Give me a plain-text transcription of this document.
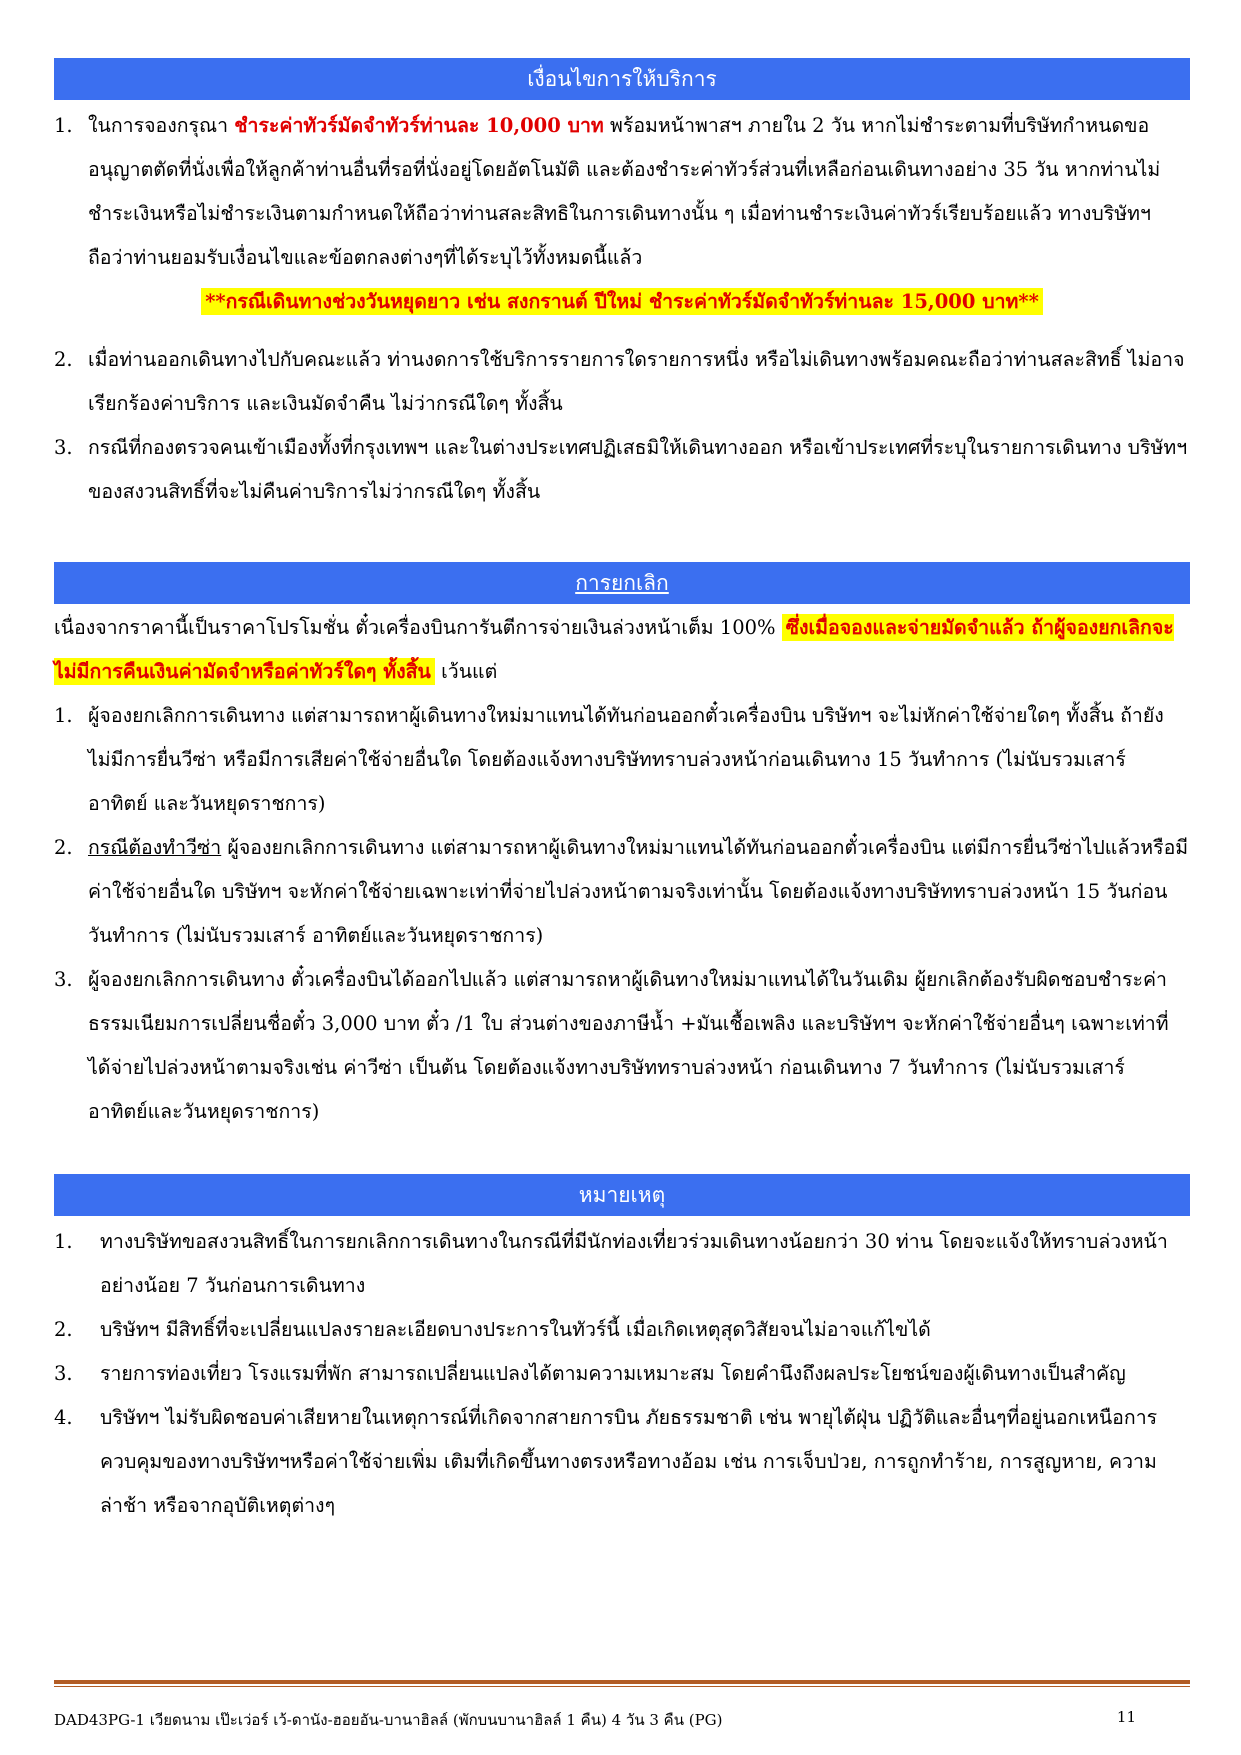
เงื่อนไขการให้บริการ

1. ในการจองกรุณา ชำระค่าทัวร์มัดจำทัวร์ท่านละ 10,000 บาท พร้อมหน้าพาสฯ ภายใน 2 วัน หากไม่ชำระตามที่บริษัทกำหนดขออนุญาตตัดที่นั่งเพื่อให้ลูกค้าท่านอื่นที่รอที่นั่งอยู่โดยอัตโนมัติ และต้องชำระค่าทัวร์ส่วนที่เหลือก่อนเดินทางอย่าง 35 วัน หากท่านไม่ชำระเงินหรือไม่ชำระเงินตามกำหนดให้ถือว่าท่านสละสิทธิในการเดินทางนั้น ๆ เมื่อท่านชำระเงินค่าทัวร์เรียบร้อยแล้ว ทางบริษัทฯถือว่าท่านยอมรับเงื่อนไขและข้อตกลงต่างๆที่ได้ระบุไว้ทั้งหมดนี้แล้ว

**กรณีเดินทางช่วงวันหยุดยาว เช่น สงกรานต์ ปีใหม่ ชำระค่าทัวร์มัดจำทัวร์ท่านละ 15,000 บาท**

2. เมื่อท่านออกเดินทางไปกับคณะแล้ว ท่านงดการใช้บริการรายการใดรายการหนึ่ง หรือไม่เดินทางพร้อมคณะถือว่าท่านสละสิทธิ์ ไม่อาจเรียกร้องค่าบริการ และเงินมัดจำคืน ไม่ว่ากรณีใดๆ ทั้งสิ้น

3. กรณีที่กองตรวจคนเข้าเมืองทั้งที่กรุงเทพฯ และในต่างประเทศปฏิเสธมิให้เดินทางออก หรือเข้าประเทศที่ระบุในรายการเดินทาง บริษัทฯ ของสงวนสิทธิ์ที่จะไม่คืนค่าบริการไม่ว่ากรณีใดๆ ทั้งสิ้น

การยกเลิก

เนื่องจากราคานี้เป็นราคาโปรโมชั่น ตั๋วเครื่องบินการันตีการจ่ายเงินล่วงหน้าเต็ม 100% ซึ่งเมื่อจองและจ่ายมัดจำแล้ว ถ้าผู้จองยกเลิกจะไม่มีการคืนเงินค่ามัดจำหรือค่าทัวร์ใดๆ ทั้งสิ้น เว้นแต่

1. ผู้จองยกเลิกการเดินทาง แต่สามารถหาผู้เดินทางใหม่มาแทนได้ทันก่อนออกตั๋วเครื่องบิน บริษัทฯ จะไม่หักค่าใช้จ่ายใดๆ ทั้งสิ้น ถ้ายังไม่มีการยื่นวีซ่า หรือมีการเสียค่าใช้จ่ายอื่นใด โดยต้องแจ้งทางบริษัททราบล่วงหน้าก่อนเดินทาง 15 วันทำการ (ไม่นับรวมเสาร์ อาทิตย์ และวันหยุดราชการ)

2. กรณีต้องทำวีซ่า ผู้จองยกเลิกการเดินทาง แต่สามารถหาผู้เดินทางใหม่มาแทนได้ทันก่อนออกตั๋วเครื่องบิน แต่มีการยื่นวีซ่าไปแล้วหรือมีค่าใช้จ่ายอื่นใด บริษัทฯ จะหักค่าใช้จ่ายเฉพาะเท่าที่จ่ายไปล่วงหน้าตามจริงเท่านั้น โดยต้องแจ้งทางบริษัททราบล่วงหน้า 15 วันก่อนวันทำการ (ไม่นับรวมเสาร์ อาทิตย์และวันหยุดราชการ)

3. ผู้จองยกเลิกการเดินทาง ตั๋วเครื่องบินได้ออกไปแล้ว แต่สามารถหาผู้เดินทางใหม่มาแทนได้ในวันเดิม ผู้ยกเลิกต้องรับผิดชอบชำระค่าธรรมเนียมการเปลี่ยนชื่อตั๋ว 3,000 บาท ตั๋ว /1 ใบ ส่วนต่างของภาษีน้ำ +มันเชื้อเพลิง และบริษัทฯ จะหักค่าใช้จ่ายอื่นๆ เฉพาะเท่าที่ได้จ่ายไปล่วงหน้าตามจริงเช่น ค่าวีซ่า เป็นต้น โดยต้องแจ้งทางบริษัททราบล่วงหน้า ก่อนเดินทาง 7 วันทำการ (ไม่นับรวมเสาร์ อาทิตย์และวันหยุดราชการ)

หมายเหตุ

1. ทางบริษัทขอสงวนสิทธิ์ในการยกเลิกการเดินทางในกรณีที่มีนักท่องเที่ยวร่วมเดินทางน้อยกว่า 30 ท่าน โดยจะแจ้งให้ทราบล่วงหน้าอย่างน้อย 7 วันก่อนการเดินทาง

2. บริษัทฯ มีสิทธิ์ที่จะเปลี่ยนแปลงรายละเอียดบางประการในทัวร์นี้ เมื่อเกิดเหตุสุดวิสัยจนไม่อาจแก้ไขได้

3. รายการท่องเที่ยว โรงแรมที่พัก สามารถเปลี่ยนแปลงได้ตามความเหมาะสม โดยคำนึงถึงผลประโยชน์ของผู้เดินทางเป็นสำคัญ

4. บริษัทฯ ไม่รับผิดชอบค่าเสียหายในเหตุการณ์ที่เกิดจากสายการบิน ภัยธรรมชาติ เช่น พายุไต้ฝุ่น ปฏิวัติและอื่นๆที่อยู่นอกเหนือการควบคุมของทางบริษัทฯหรือค่าใช้จ่ายเพิ่ม เติมที่เกิดขึ้นทางตรงหรือทางอ้อม เช่น การเจ็บป่วย, การถูกทำร้าย, การสูญหาย, ความล่าช้า หรือจากอุบัติเหตุต่างๆ

DAD43PG-1 เวียดนาม เป๊ะเว่อร์ เว้-ดานัง-ฮอยอัน-บานาฮิลล์ (พักบนบานาฮิลล์ 1 คืน) 4 วัน 3 คืน (PG)	11
